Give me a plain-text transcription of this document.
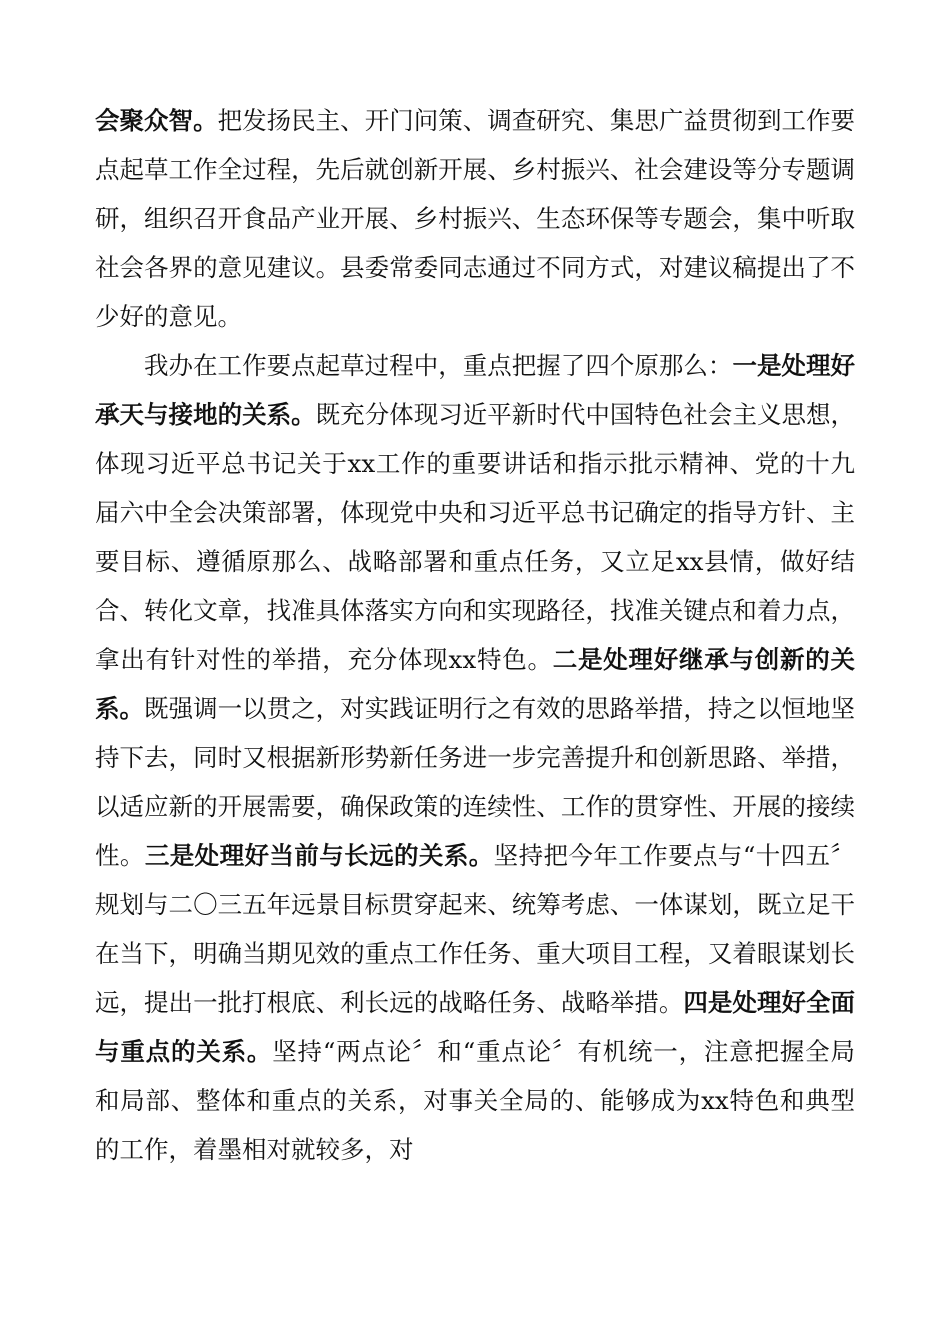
会聚众智。把发扬民主、开门问策、调查研究、集思广益贯彻到工作要点起草工作全过程，先后就创新开展、乡村振兴、社会建设等分专题调研，组织召开食品产业开展、乡村振兴、生态环保等专题会，集中听取社会各界的意见建议。县委常委同志通过不同方式，对建议稿提出了不少好的意见。

我办在工作要点起草过程中，重点把握了四个原那么：一是处理好承天与接地的关系。既充分体现习近平新时代中国特色社会主义思想，体现习近平总书记关于xx工作的重要讲话和指示批示精神、党的十九届六中全会决策部署，体现党中央和习近平总书记确定的指导方针、主要目标、遵循原那么、战略部署和重点任务，又立足xx县情，做好结合、转化文章，找准具体落实方向和实现路径，找准关键点和着力点，拿出有针对性的举措，充分体现xx特色。二是处理好继承与创新的关系。既强调一以贯之，对实践证明行之有效的思路举措，持之以恒地坚持下去，同时又根据新形势新任务进一步完善提升和创新思路、举措，以适应新的开展需要，确保政策的连续性、工作的贯穿性、开展的接续性。三是处理好当前与长远的关系。坚持把今年工作要点与“十四五〞规划与二〇三五年远景目标贯穿起来、统筹考虑、一体谋划，既立足干在当下，明确当期见效的重点工作任务、重大项目工程，又着眼谋划长远，提出一批打根底、利长远的战略任务、战略举措。四是处理好全面与重点的关系。坚持“两点论〞和“重点论〞有机统一，注意把握全局和局部、整体和重点的关系，对事关全局的、能够成为xx特色和典型的工作，着墨相对就较多，对
